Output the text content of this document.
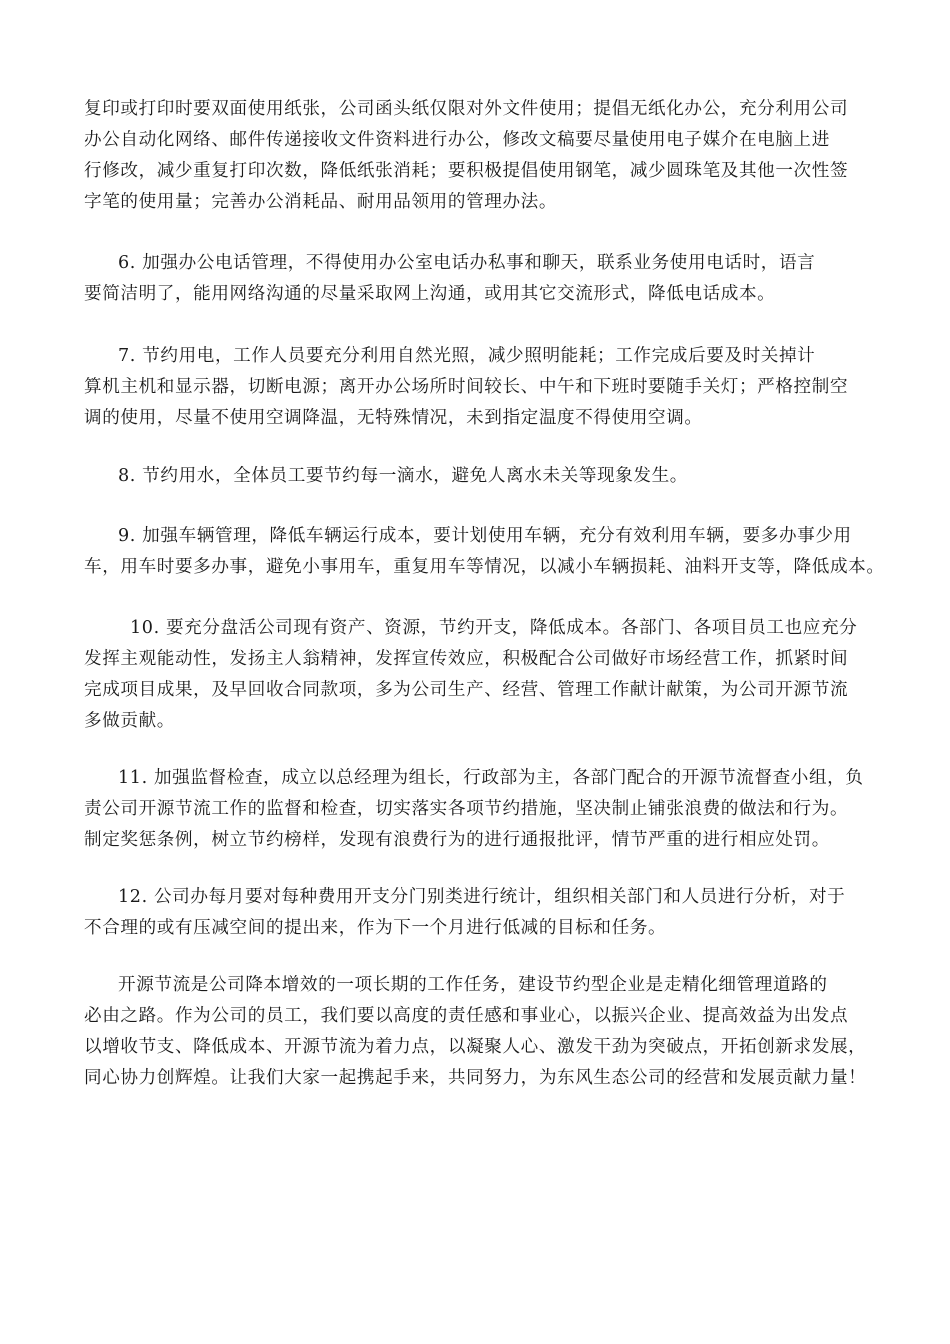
复印或打印时要双面使用纸张，公司函头纸仅限对外文件使用；提倡无纸化办公，充分利用公司
办公自动化网络、邮件传递接收文件资料进行办公，修改文稿要尽量使用电子媒介在电脑上进
行修改，减少重复打印次数，降低纸张消耗；要积极提倡使用钢笔，减少圆珠笔及其他一次性签
字笔的使用量；完善办公消耗品、耐用品领用的管理办法。

6. 加强办公电话管理，不得使用办公室电话办私事和聊天，联系业务使用电话时，语言
要简洁明了，能用网络沟通的尽量采取网上沟通，或用其它交流形式，降低电话成本。

7. 节约用电，工作人员要充分利用自然光照，减少照明能耗；工作完成后要及时关掉计
算机主机和显示器，切断电源；离开办公场所时间较长、中午和下班时要随手关灯；严格控制空
调的使用，尽量不使用空调降温，无特殊情况，未到指定温度不得使用空调。

8. 节约用水，全体员工要节约每一滴水，避免人离水未关等现象发生。

9. 加强车辆管理，降低车辆运行成本，要计划使用车辆，充分有效利用车辆，要多办事少用
车，用车时要多办事，避免小事用车，重复用车等情况，以减小车辆损耗、油料开支等，降低成本。

10. 要充分盘活公司现有资产、资源，节约开支，降低成本。各部门、各项目员工也应充分
发挥主观能动性，发扬主人翁精神，发挥宣传效应，积极配合公司做好市场经营工作，抓紧时间
完成项目成果，及早回收合同款项，多为公司生产、经营、管理工作献计献策，为公司开源节流
多做贡献。

11. 加强监督检查，成立以总经理为组长，行政部为主，各部门配合的开源节流督查小组，负
责公司开源节流工作的监督和检查，切实落实各项节约措施，坚决制止铺张浪费的做法和行为。
制定奖惩条例，树立节约榜样，发现有浪费行为的进行通报批评，情节严重的进行相应处罚。

12. 公司办每月要对每种费用开支分门别类进行统计，组织相关部门和人员进行分析，对于
不合理的或有压减空间的提出来，作为下一个月进行低减的目标和任务。

开源节流是公司降本增效的一项长期的工作任务，建设节约型企业是走精化细管理道路的
必由之路。作为公司的员工，我们要以高度的责任感和事业心，以振兴企业、提高效益为出发点
以增收节支、降低成本、开源节流为着力点，以凝聚人心、激发干劲为突破点，开拓创新求发展，
同心协力创辉煌。让我们大家一起携起手来，共同努力，为东风生态公司的经营和发展贡献力量！
